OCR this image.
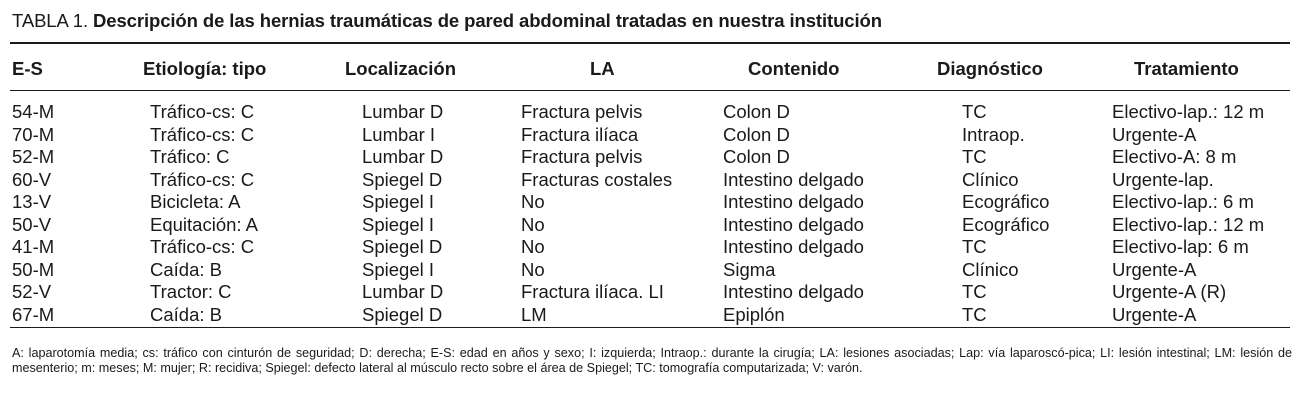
TABLA 1. Descripción de las hernias traumáticas de pared abdominal tratadas en nuestra institución
E-S	Etiología: tipo	Localización	LA	Contenido	Diagnóstico	Tratamiento
54-M	Tráfico-cs: C	Lumbar D	Fractura pelvis	Colon D	TC	Electivo-lap.: 12 m
70-M	Tráfico-cs: C	Lumbar I	Fractura ilíaca	Colon D	Intraop.	Urgente-A
52-M	Tráfico: C	Lumbar D	Fractura pelvis	Colon D	TC	Electivo-A: 8 m
60-V	Tráfico-cs: C	Spiegel D	Fracturas costales	Intestino delgado	Clínico	Urgente-lap.
13-V	Bicicleta: A	Spiegel I	No	Intestino delgado	Ecográfico	Electivo-lap.: 6 m
50-V	Equitación: A	Spiegel I	No	Intestino delgado	Ecográfico	Electivo-lap.: 12 m
41-M	Tráfico-cs: C	Spiegel D	No	Intestino delgado	TC	Electivo-lap: 6 m
50-M	Caída: B	Spiegel I	No	Sigma	Clínico	Urgente-A
52-V	Tractor: C	Lumbar D	Fractura ilíaca. LI	Intestino delgado	TC	Urgente-A (R)
67-M	Caída: B	Spiegel D	LM	Epiplón	TC	Urgente-A
A: laparotomía media; cs: tráfico con cinturón de seguridad; D: derecha; E-S: edad en años y sexo; I: izquierda; Intraop.: durante la cirugía; LA: lesiones asociadas; Lap: vía laparoscó-pica; LI: lesión intestinal; LM: lesión de mesenterio; m: meses; M: mujer; R: recidiva; Spiegel: defecto lateral al músculo recto sobre el área de Spiegel; TC: tomografía computarizada; V: varón.
